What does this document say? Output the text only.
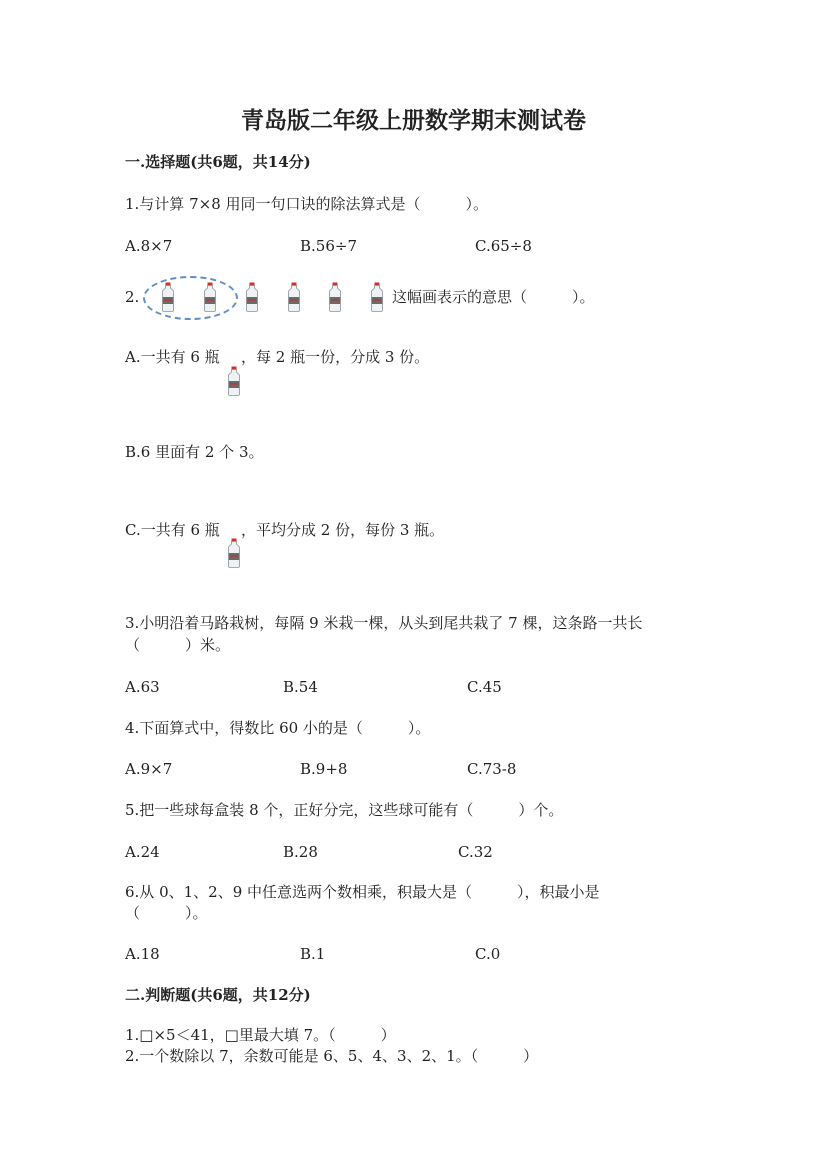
青岛版二年级上册数学期末测试卷
一.选择题(共6题，共14分)
1.与计算 7×8 用同一句口诀的除法算式是（　　　）。
A.8×7	B.56÷7	C.65÷8
2.	这幅画表示的意思（　　　）。
A.一共有 6 瓶 ，每 2 瓶一份，分成 3 份。
B.6 里面有 2 个 3。
C.一共有 6 瓶 ，平均分成 2 份，每份 3 瓶。
3.小明沿着马路栽树，每隔 9 米栽一棵，从头到尾共栽了 7 棵，这条路一共长
（　　　）米。
A.63	B.54	C.45
4.下面算式中，得数比 60 小的是（　　　）。
A.9×7	B.9+8	C.73-8
5.把一些球每盒装 8 个，正好分完，这些球可能有（　　　）个。
A.24	B.28	C.32
6.从 0、1、2、9 中任意选两个数相乘，积最大是（　　　），积最小是
（　　　）。
A.18	B.1	C.0
二.判断题(共6题，共12分)
1.□×5＜41，□里最大填 7。（　　　）
2.一个数除以 7，余数可能是 6、5、4、3、2、1。（　　　）
